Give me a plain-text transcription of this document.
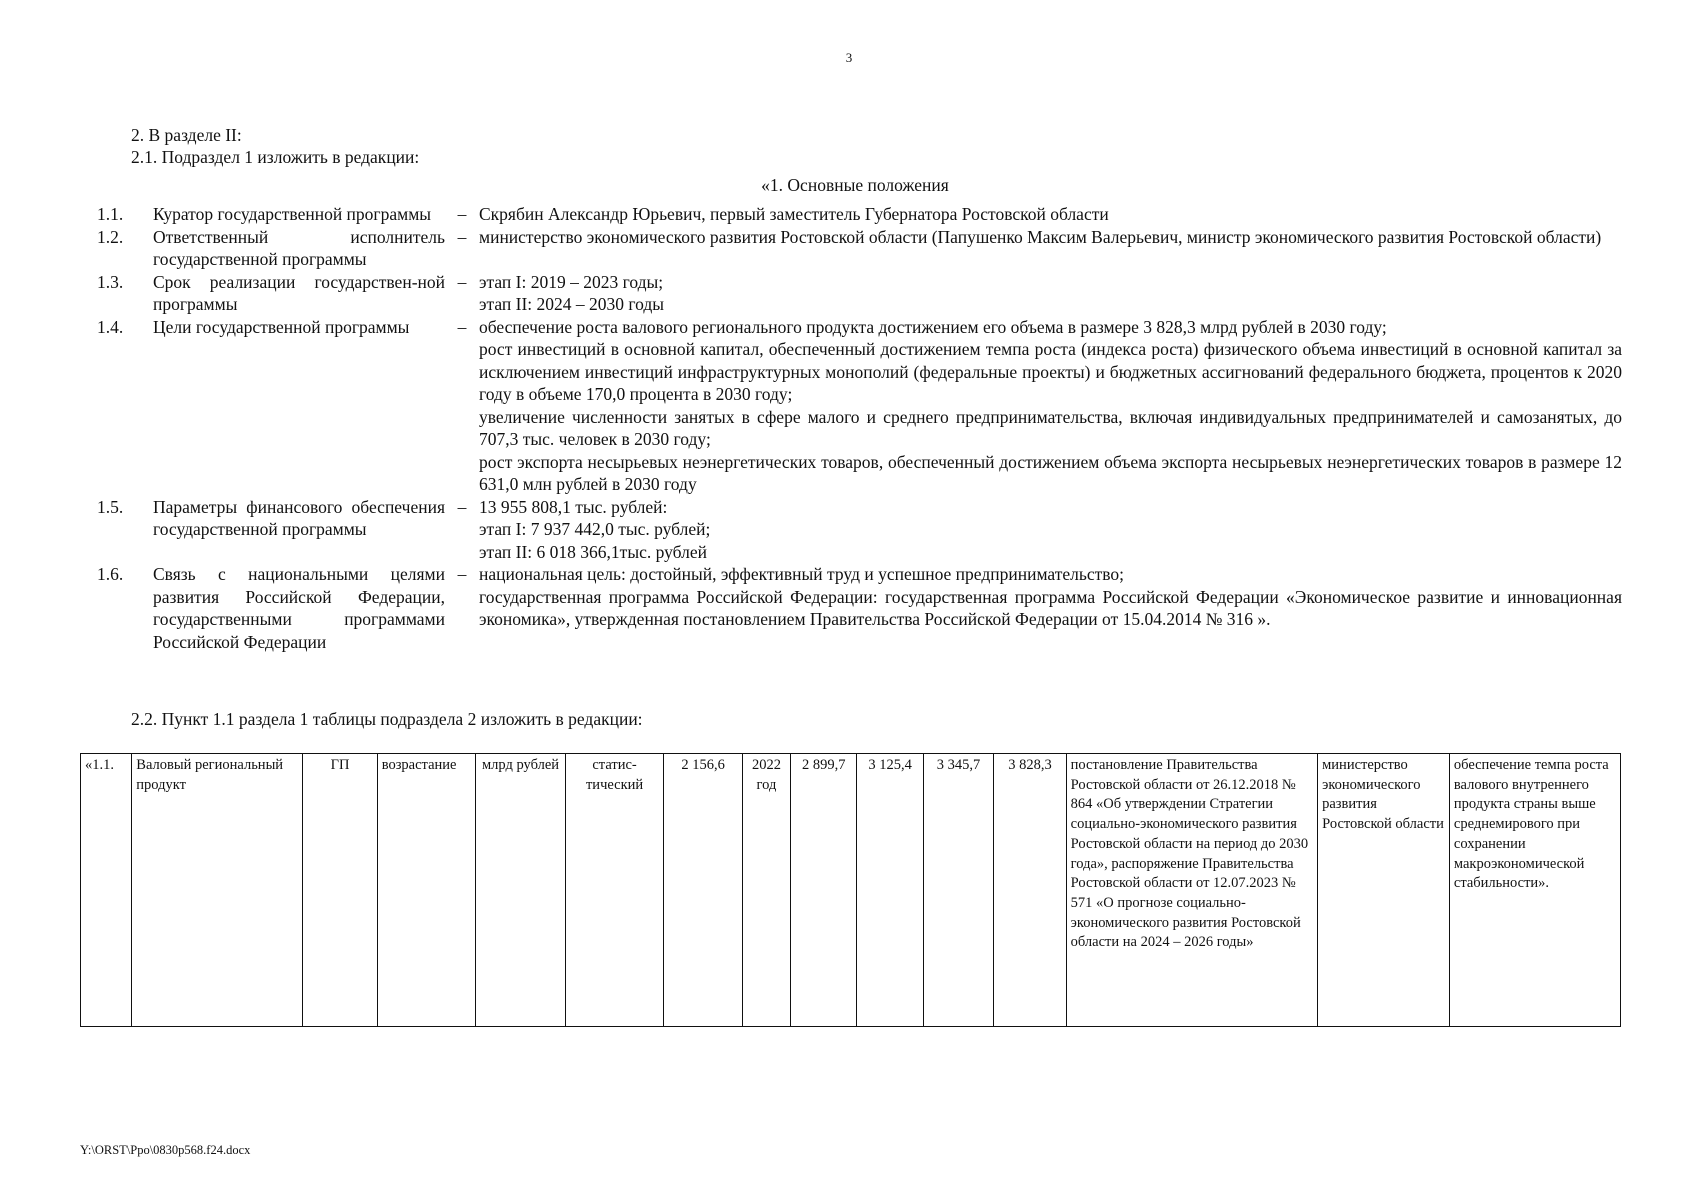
3
2. В разделе II:
2.1. Подраздел 1 изложить в редакции:
«1. Основные положения
1.1.	Куратор государственной программы	– Скрябин Александр Юрьевич, первый заместитель Губернатора Ростовской области

1.2.	Ответственный исполнитель государственной программы
– министерство экономического развития Ростовской области (Папушенко Максим Валерьевич, министр экономического развития Ростовской области)

1.3.	Срок реализации государствен-ной программы
– этап I: 2019 – 2023 годы;

этап II: 2024 – 2030 годы

1.4.	Цели государственной программы	– обеспечение роста валового регионального продукта достижением его объема в размере 3 828,3 млрд рублей в 2030 году;

рост инвестиций в основной капитал, обеспеченный достижением темпа роста (индекса роста) физического объема инвестиций в основной капитал за исключением инвестиций инфраструктурных монополий (федеральные проекты) и бюджетных ассигнований федерального бюджета, процентов к 2020 году в объеме 170,0 процента в 2030 году;

увеличение численности занятых в сфере малого и среднего предпринимательства, включая индивидуальных предпринимателей и самозанятых, до 707,3 тыс. человек в 2030 году;

рост экспорта несырьевых неэнергетических товаров, обеспеченный достижением объема экспорта несырьевых неэнергетических товаров в размере 12 631,0 млн рублей в 2030 году

1.5.	Параметры финансового обеспечения государственной программы
– 13 955 808,1 тыс. рублей:

этап I: 7 937 442,0 тыс. рублей;

этап II: 6 018 366,1тыс. рублей

1.6.	Связь с национальными целями развития Российской Федерации, государственными программами Российской Федерации
– национальная цель: достойный, эффективный труд и успешное предпринимательство;

государственная программа Российской Федерации: государственная программа Российской Федерации «Экономическое развитие и инновационная экономика», утвержденная постановлением Правительства Российской Федерации от 15.04.2014 № 316 ».

2.2. Пункт 1.1 раздела 1 таблицы подраздела 2 изложить в редакции:
«1.1.	Валовый региональный продукт	ГП	возрастание	млрд рублей	статис-тический	2 156,6	2022 год	2 899,7	3 125,4	3 345,7	3 828,3	постановление Правительства Ростовской области от 26.12.2018 № 864 «Об утверждении Стратегии социально-экономического развития Ростовской области на период до 2030 года», распоряжение Правительства Ростовской области от 12.07.2023 № 571 «О прогнозе социально-экономического развития Ростовской области на 2024 – 2026 годы»	министерство экономического развития Ростовской области	обеспечение темпа роста валового внутреннего продукта страны выше среднемирового при сохранении макроэкономической стабильности».
Y:\ORST\Ppo\0830p568.f24.docx
